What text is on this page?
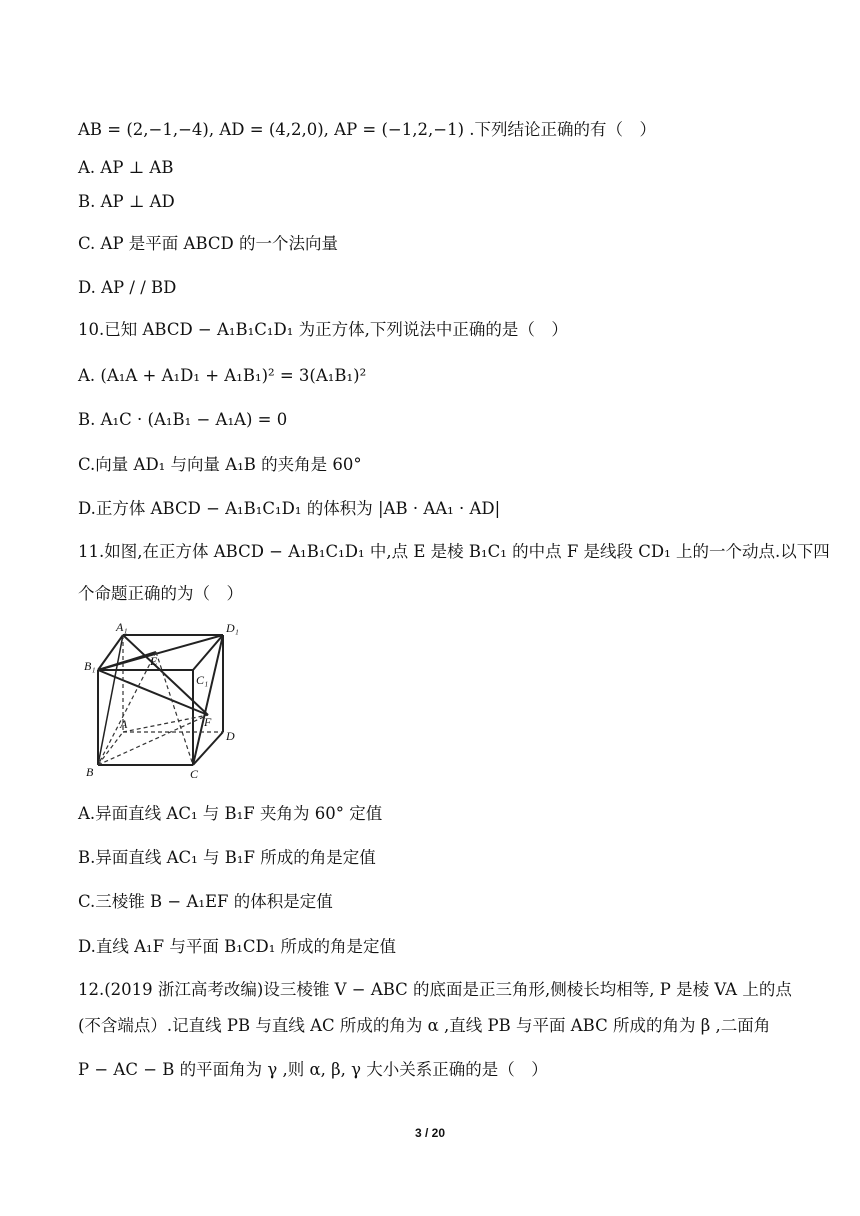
AB = (2,−1,−4), AD = (4,2,0), AP = (−1,2,−1) .下列结论正确的有（　）
A. AP ⊥ AB
B. AP ⊥ AD
C. AP 是平面 ABCD 的一个法向量
D. AP / / BD
10.已知 ABCD − A₁B₁C₁D₁ 为正方体,下列说法中正确的是（　）
A. (A₁A + A₁D₁ + A₁B₁)² = 3(A₁B₁)²
B. A₁C · (A₁B₁ − A₁A) = 0
C.向量 AD₁ 与向量 A₁B 的夹角是 60°
D.正方体 ABCD − A₁B₁C₁D₁ 的体积为 |AB · AA₁ · AD|
11.如图,在正方体 ABCD − A₁B₁C₁D₁ 中,点 E 是棱 B₁C₁ 的中点 F 是线段 CD₁ 上的一个动点.以下四
个命题正确的为（　）
A₁	D₁
B₁	E
C₁
F
A
D
B	C
A.异面直线 AC₁ 与 B₁F 夹角为 60° 定值
B.异面直线 AC₁ 与 B₁F 所成的角是定值
C.三棱锥 B − A₁EF 的体积是定值
D.直线 A₁F 与平面 B₁CD₁ 所成的角是定值
12.(2019 浙江高考改编)设三棱锥 V − ABC 的底面是正三角形,侧棱长均相等, P 是棱 VA 上的点
(不含端点）.记直线 PB 与直线 AC 所成的角为 α ,直线 PB 与平面 ABC 所成的角为 β ,二面角
P − AC − B 的平面角为 γ ,则 α, β, γ 大小关系正确的是（　）
3 / 20
